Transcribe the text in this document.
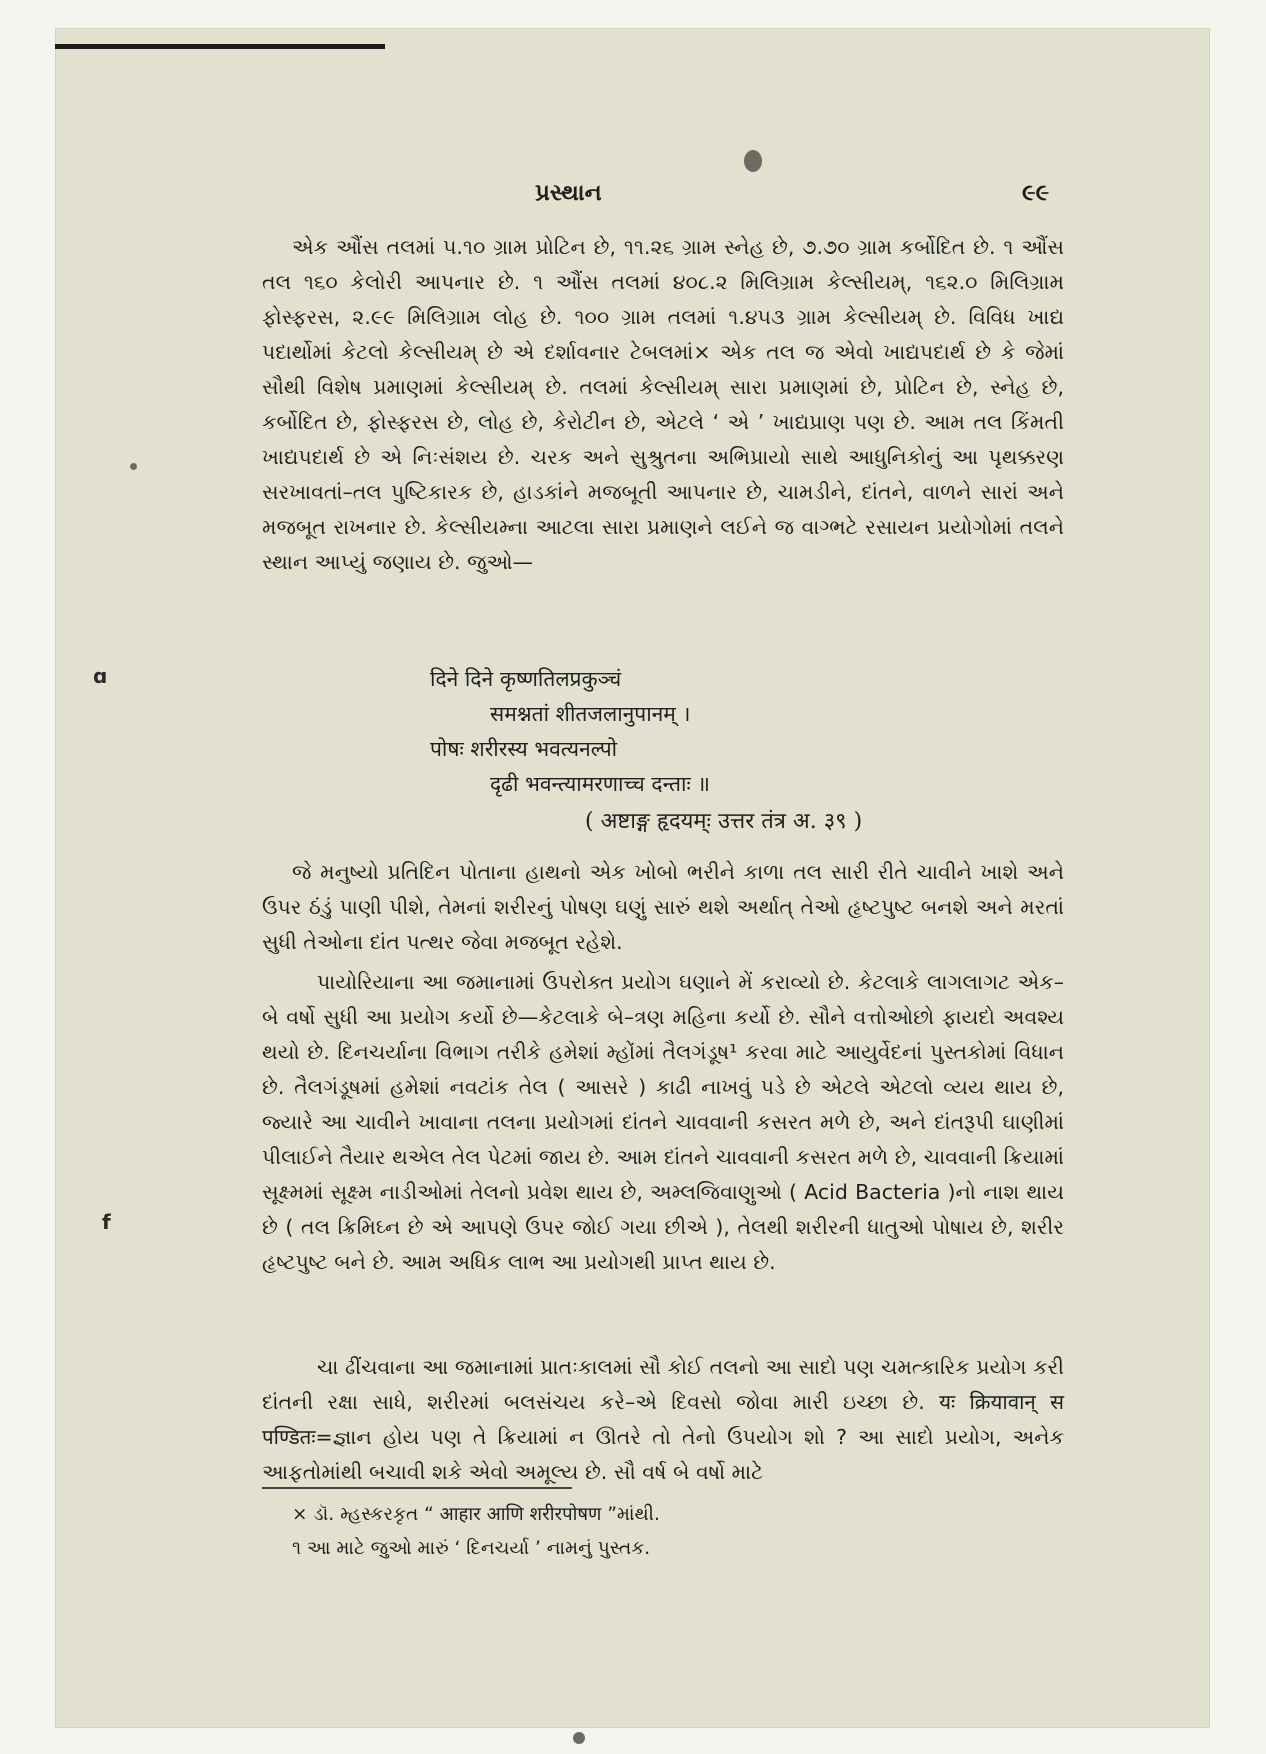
ɑ
f
પ્રસ્થાન	૯૯
એક ઔંસ તલમાં ૫.૧૦ ગ્રામ પ્રોટિન છે, ૧૧.૨૬ ગ્રામ સ્નેહ છે, ૭.૭૦ ગ્રામ કર્બોદિત છે. ૧ ઔંસ તલ ૧૬૦ કેલોરી આપનાર છે. ૧ ઔંસ તલમાં ૪૦૮.૨ મિલિગ્રામ કેલ્સીયમ્, ૧૬૨.૦ મિલિગ્રામ ફોસ્ફરસ, ૨.૯૯ મિલિગ્રામ લોહ છે. ૧૦૦ ગ્રામ તલમાં ૧.૪૫૩ ગ્રામ કેલ્સીયમ્ છે. વિવિધ ખાદ્ય પદાર્થોમાં કેટલો કેલ્સીયમ્ છે એ દર્શાવનાર ટેબલમાં× એક તલ જ એવો ખાદ્યપદાર્થ છે કે જેમાં સૌથી વિશેષ પ્રમાણમાં કેલ્સીયમ્ છે. તલમાં કેલ્સીયમ્ સારા પ્રમાણમાં છે, પ્રોટિન છે, સ્નેહ છે, કર્બોદિત છે, ફોસ્ફરસ છે, લોહ છે, કેરોટીન છે, એટલે ‘ એ ’ ખાદ્યપ્રાણ પણ છે. આમ તલ કિંમતી ખાદ્યપદાર્થ છે એ નિઃસંશય છે. ચરક અને સુશ્રુતના અભિપ્રાયો સાથે આધુનિકોનું આ પૃથક્કરણ સરખાવતાં–તલ પુષ્ટિકારક છે, હાડકાંને મજબૂતી આપનાર છે, ચામડીને, દાંતને, વાળને સારાં અને મજબૂત રાખનાર છે. કેલ્સીયમ્ના આટલા સારા પ્રમાણને લઈને જ વાગ્ભટે રસાયન પ્રયોગોમાં તલને સ્થાન આપ્યું જણાય છે. જુઓ—
दिने दिने कृष्णतिलप्रकुञ्चं
समश्नतां शीतजलानुपानम् ।
पोषः शरीरस्य भवत्यनल्पो
दृढी भवन्त्यामरणाच्च दन्ताः ॥
( अष्टाङ्ग हृदयम्ः उत्तर तंत्र अ. ३९ )
જે મનુષ્યો પ્રતિદિન પોતાના હાથનો એક ખોબો ભરીને કાળા તલ સારી રીતે ચાવીને ખાશે અને ઉપર ઠંડું પાણી પીશે, તેમનાં શરીરનું પોષણ ઘણું સારું થશે અર્થાત્ તેઓ હૃષ્ટપુષ્ટ બનશે અને મરતાં સુધી તેઓના દાંત પત્થર જેવા મજબૂત રહેશે.
પાયોરિયાના આ જમાનામાં ઉપરોક્ત પ્રયોગ ઘણાને મેં કરાવ્યો છે. કેટલાકે લાગલાગટ એક–બે વર્ષો સુધી આ પ્રયોગ કર્યો છે—કેટલાકે બે–ત્રણ મહિના કર્યો છે. સૌને વત્તોઓછો ફાયદો અવશ્ય થયો છે. દિનચર્યાના વિભાગ તરીકે હમેશાં મ્હોંમાં તૈલગંડૂષ¹ કરવા માટે આયુર્વેદનાં પુસ્તકોમાં વિધાન છે. તૈલગંડૂષમાં હમેશાં નવટાંક તેલ ( આસરે ) કાઢી નાખવું પડે છે એટલે એટલો વ્યય થાય છે, જ્યારે આ ચાવીને ખાવાના તલના પ્રયોગમાં દાંતને ચાવવાની કસરત મળે છે, અને દાંતરૂપી ઘાણીમાં પીલાઈને તૈયાર થએલ તેલ પેટમાં જાય છે. આમ દાંતને ચાવવાની કસરત મળે છે, ચાવવાની ક્રિયામાં સૂક્ષ્મમાં સૂક્ષ્મ નાડીઓમાં તેલનો પ્રવેશ થાય છે, અમ્લજિવાણુઓ ( Acid Bacteria )નો નાશ થાય છે ( તલ ક્રિમિઘ્ન છે એ આપણે ઉપર જોઈ ગયા છીએ ), તેલથી શરીરની ધાતુઓ પોષાય છે, શરીર હૃષ્ટપુષ્ટ બને છે. આમ અધિક લાભ આ પ્રયોગથી પ્રાપ્ત થાય છે.
ચા ઢીંચવાના આ જમાનામાં પ્રાતઃકાલમાં સૌ કોઈ તલનો આ સાદો પણ ચમત્કારિક પ્રયોગ કરી દાંતની રક્ષા સાધે, શરીરમાં બલસંચય કરે–એ દિવસો જોવા મારી ઇચ્છા છે. यः क्रियावान् स पण्डितः=જ્ઞાન હોય પણ તે ક્રિયામાં ન ઊતરે તો તેનો ઉપયોગ શો ? આ સાદો પ્રયોગ, અનેક આફતોમાંથી બચાવી શકે એવો અમૂલ્ય છે. સૌ વર્ષ બે વર્ષો માટે
× ડૉ. મ્હસ્કરકૃત “ आहार आणि शरीरपोषण ”માંથી.
૧ આ માટે જુઓ મારું ‘ દિનચર્યા ’ નામનું પુસ્તક.
